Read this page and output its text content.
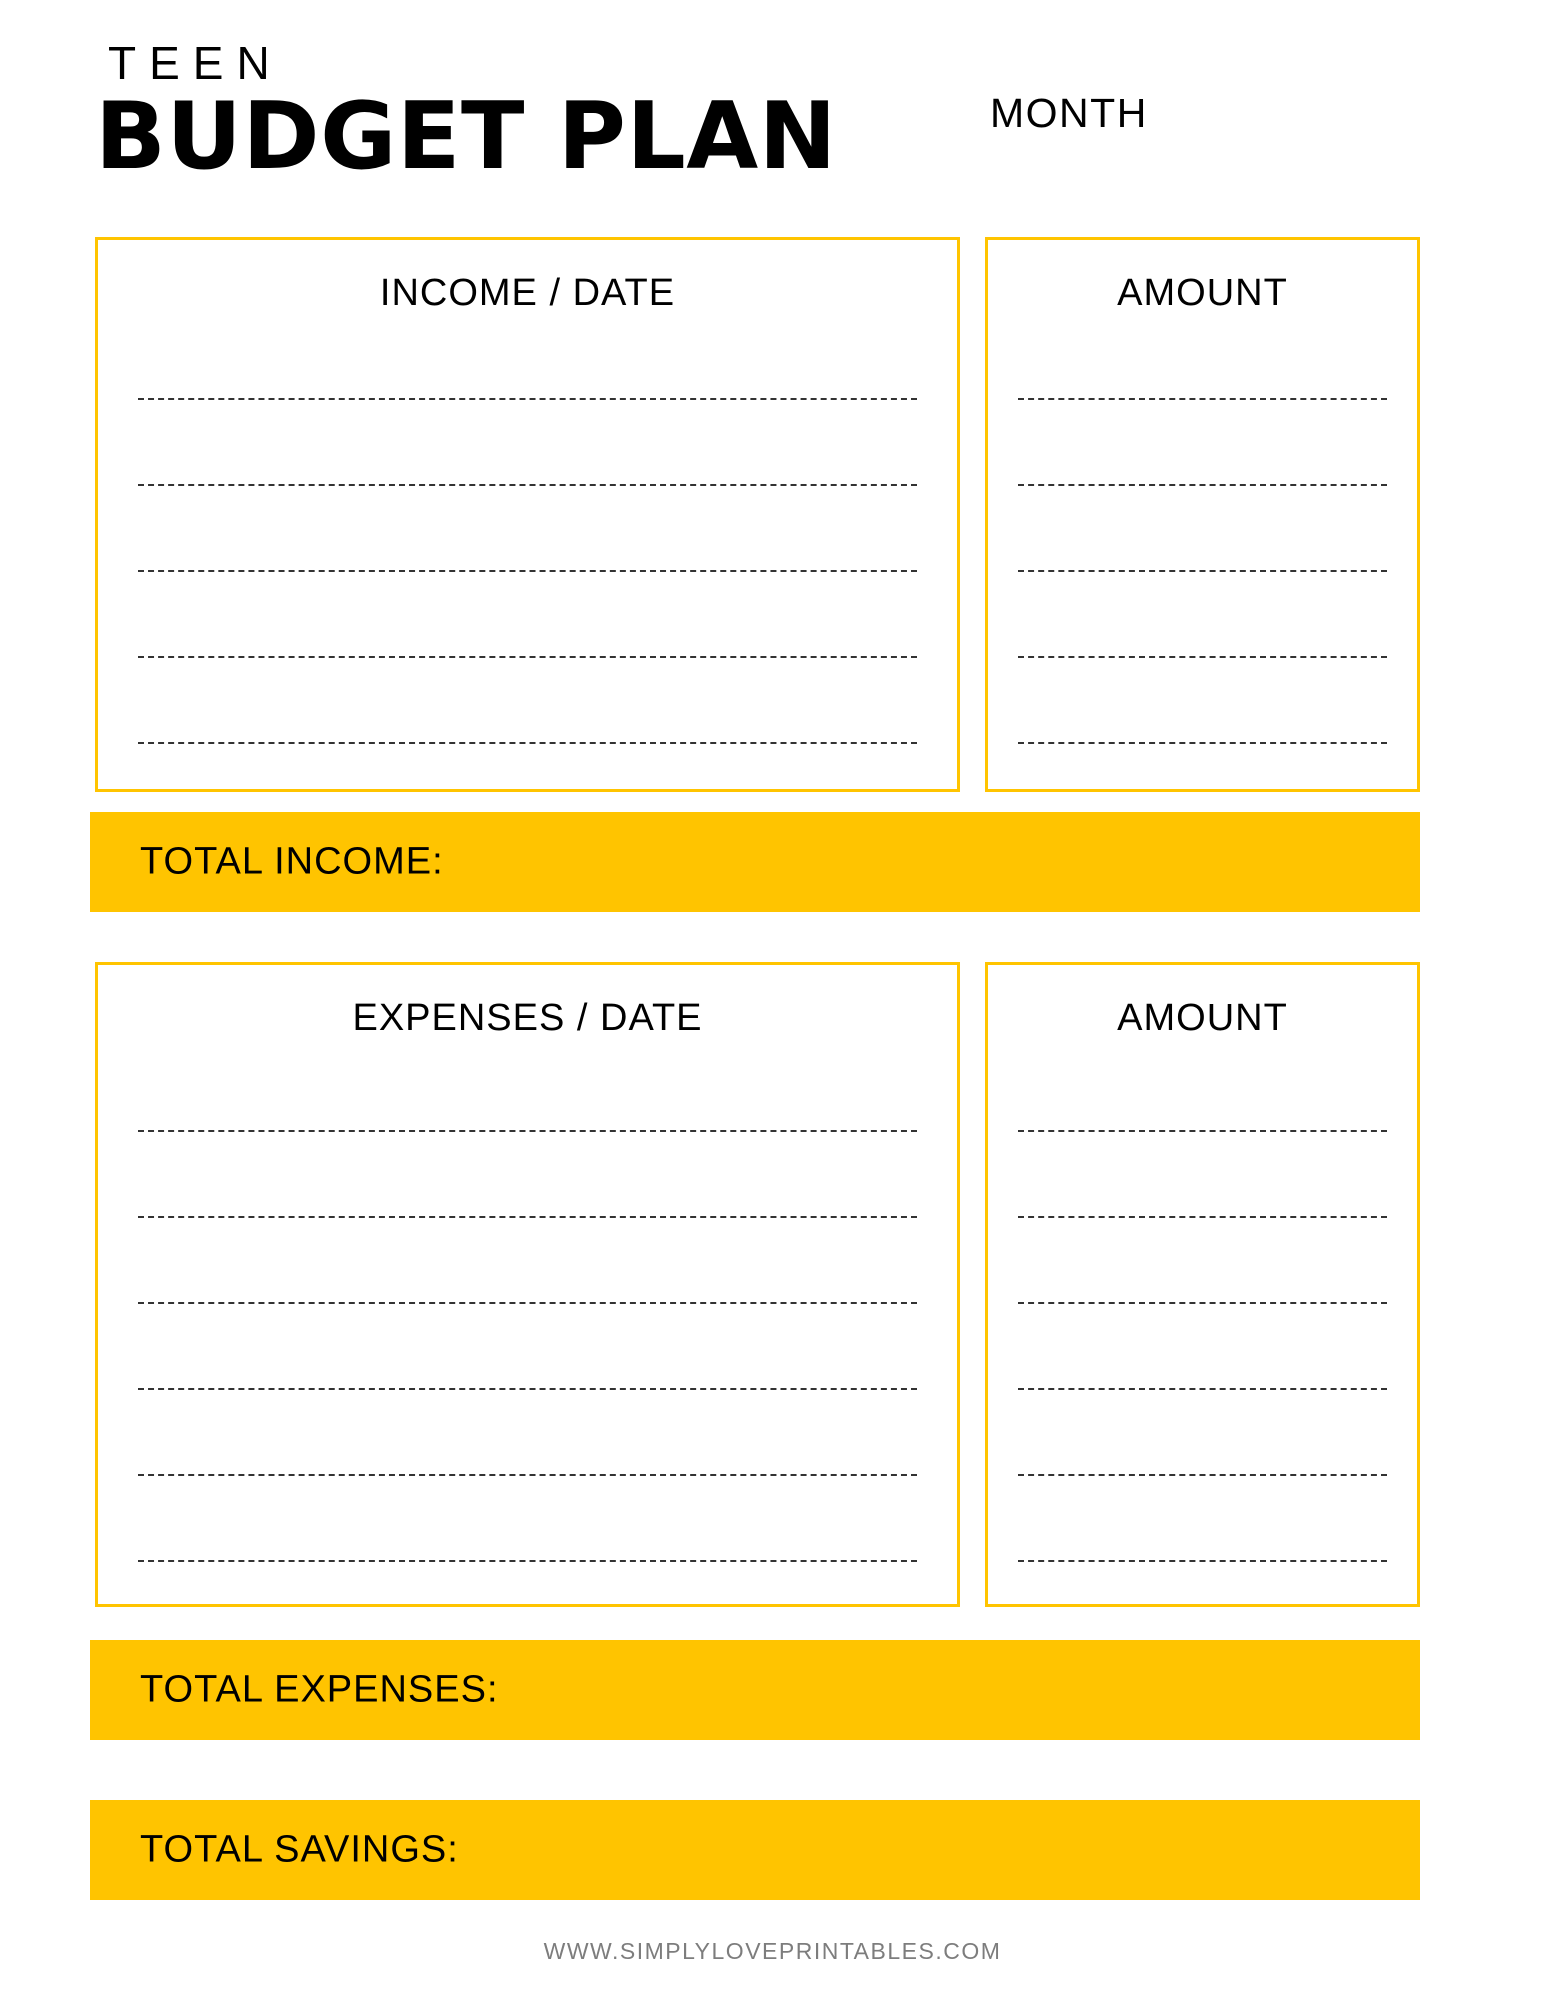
TEEN
BUDGET PLAN	MONTH
INCOME / DATE	AMOUNT
TOTAL INCOME:
EXPENSES / DATE	AMOUNT
TOTAL EXPENSES:
TOTAL SAVINGS:
WWW.SIMPLYLOVEPRINTABLES.COM
